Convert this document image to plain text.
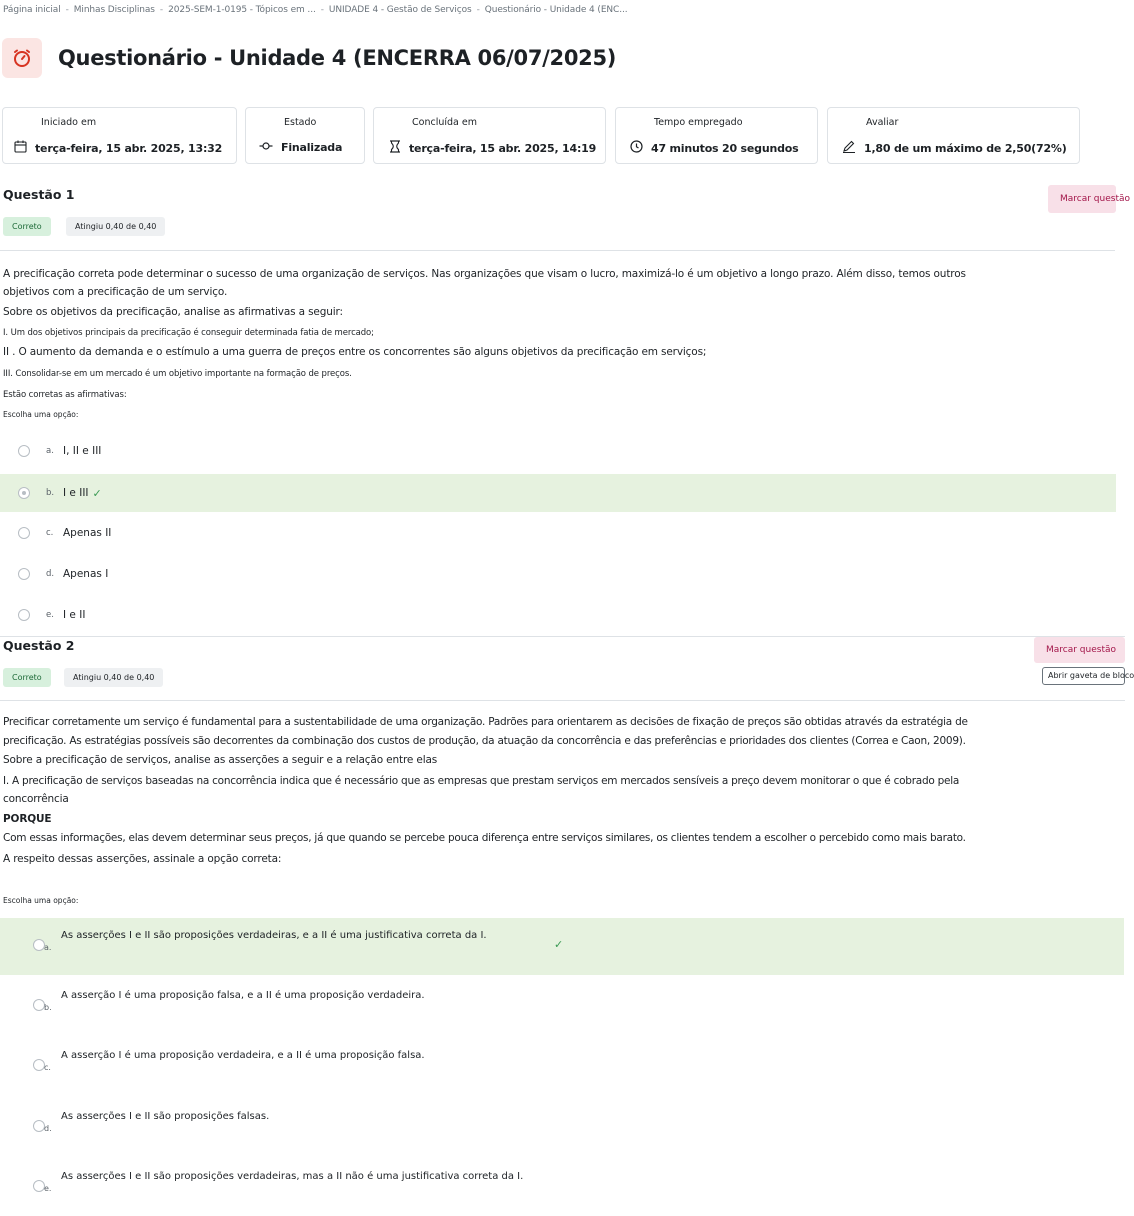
Página inicial - Minhas Disciplinas - 2025-SEM-1-0195 - Tópicos em ... - UNIDADE 4 - Gestão de Serviços - Questionário - Unidade 4 (ENC...
Questionário - Unidade 4 (ENCERRA 06/07/2025)
Iniciado em
terça-feira, 15 abr. 2025, 13:32
Estado
Finalizada
Concluída em
terça-feira, 15 abr. 2025, 14:19
Tempo empregado
47 minutos 20 segundos
Avaliar
1,80 de um máximo de 2,50(72%)
Questão 1	Marcar questão
Correto	Atingiu 0,40 de 0,40
A precificação correta pode determinar o sucesso de uma organização de serviços. Nas organizações que visam o lucro, maximizá-lo é um objetivo a longo prazo. Além disso, temos outros
objetivos com a precificação de um serviço.
Sobre os objetivos da precificação, analise as afirmativas a seguir:
I. Um dos objetivos principais da precificação é conseguir determinada fatia de mercado;
II . O aumento da demanda e o estímulo a uma guerra de preços entre os concorrentes são alguns objetivos da precificação em serviços;
III. Consolidar-se em um mercado é um objetivo importante na formação de preços.
Estão corretas as afirmativas:
Escolha uma opção:
a. I, II e III
b. I e III ✓
c. Apenas II
d. Apenas I
e. I e II
Questão 2	Marcar questão
Abrir gaveta de bloco
Correto	Atingiu 0,40 de 0,40
Precificar corretamente um serviço é fundamental para a sustentabilidade de uma organização. Padrões para orientarem as decisões de fixação de preços são obtidas através da estratégia de
precificação. As estratégias possíveis são decorrentes da combinação dos custos de produção, da atuação da concorrência e das preferências e prioridades dos clientes (Correa e Caon, 2009).
Sobre a precificação de serviços, analise as asserções a seguir e a relação entre elas
I. A precificação de serviços baseadas na concorrência indica que é necessário que as empresas que prestam serviços em mercados sensíveis a preço devem monitorar o que é cobrado pela
concorrência
PORQUE
Com essas informações, elas devem determinar seus preços, já que quando se percebe pouca diferença entre serviços similares, os clientes tendem a escolher o percebido como mais barato.
A respeito dessas asserções, assinale a opção correta:
Escolha uma opção:
a.
As asserções I e II são proposições verdadeiras, e a II é uma justificativa correta da I.
✓
b.
A asserção I é uma proposição falsa, e a II é uma proposição verdadeira.
c.
A asserção I é uma proposição verdadeira, e a II é uma proposição falsa.
d.
As asserções I e II são proposições falsas.
e.
As asserções I e II são proposições verdadeiras, mas a II não é uma justificativa correta da I.
